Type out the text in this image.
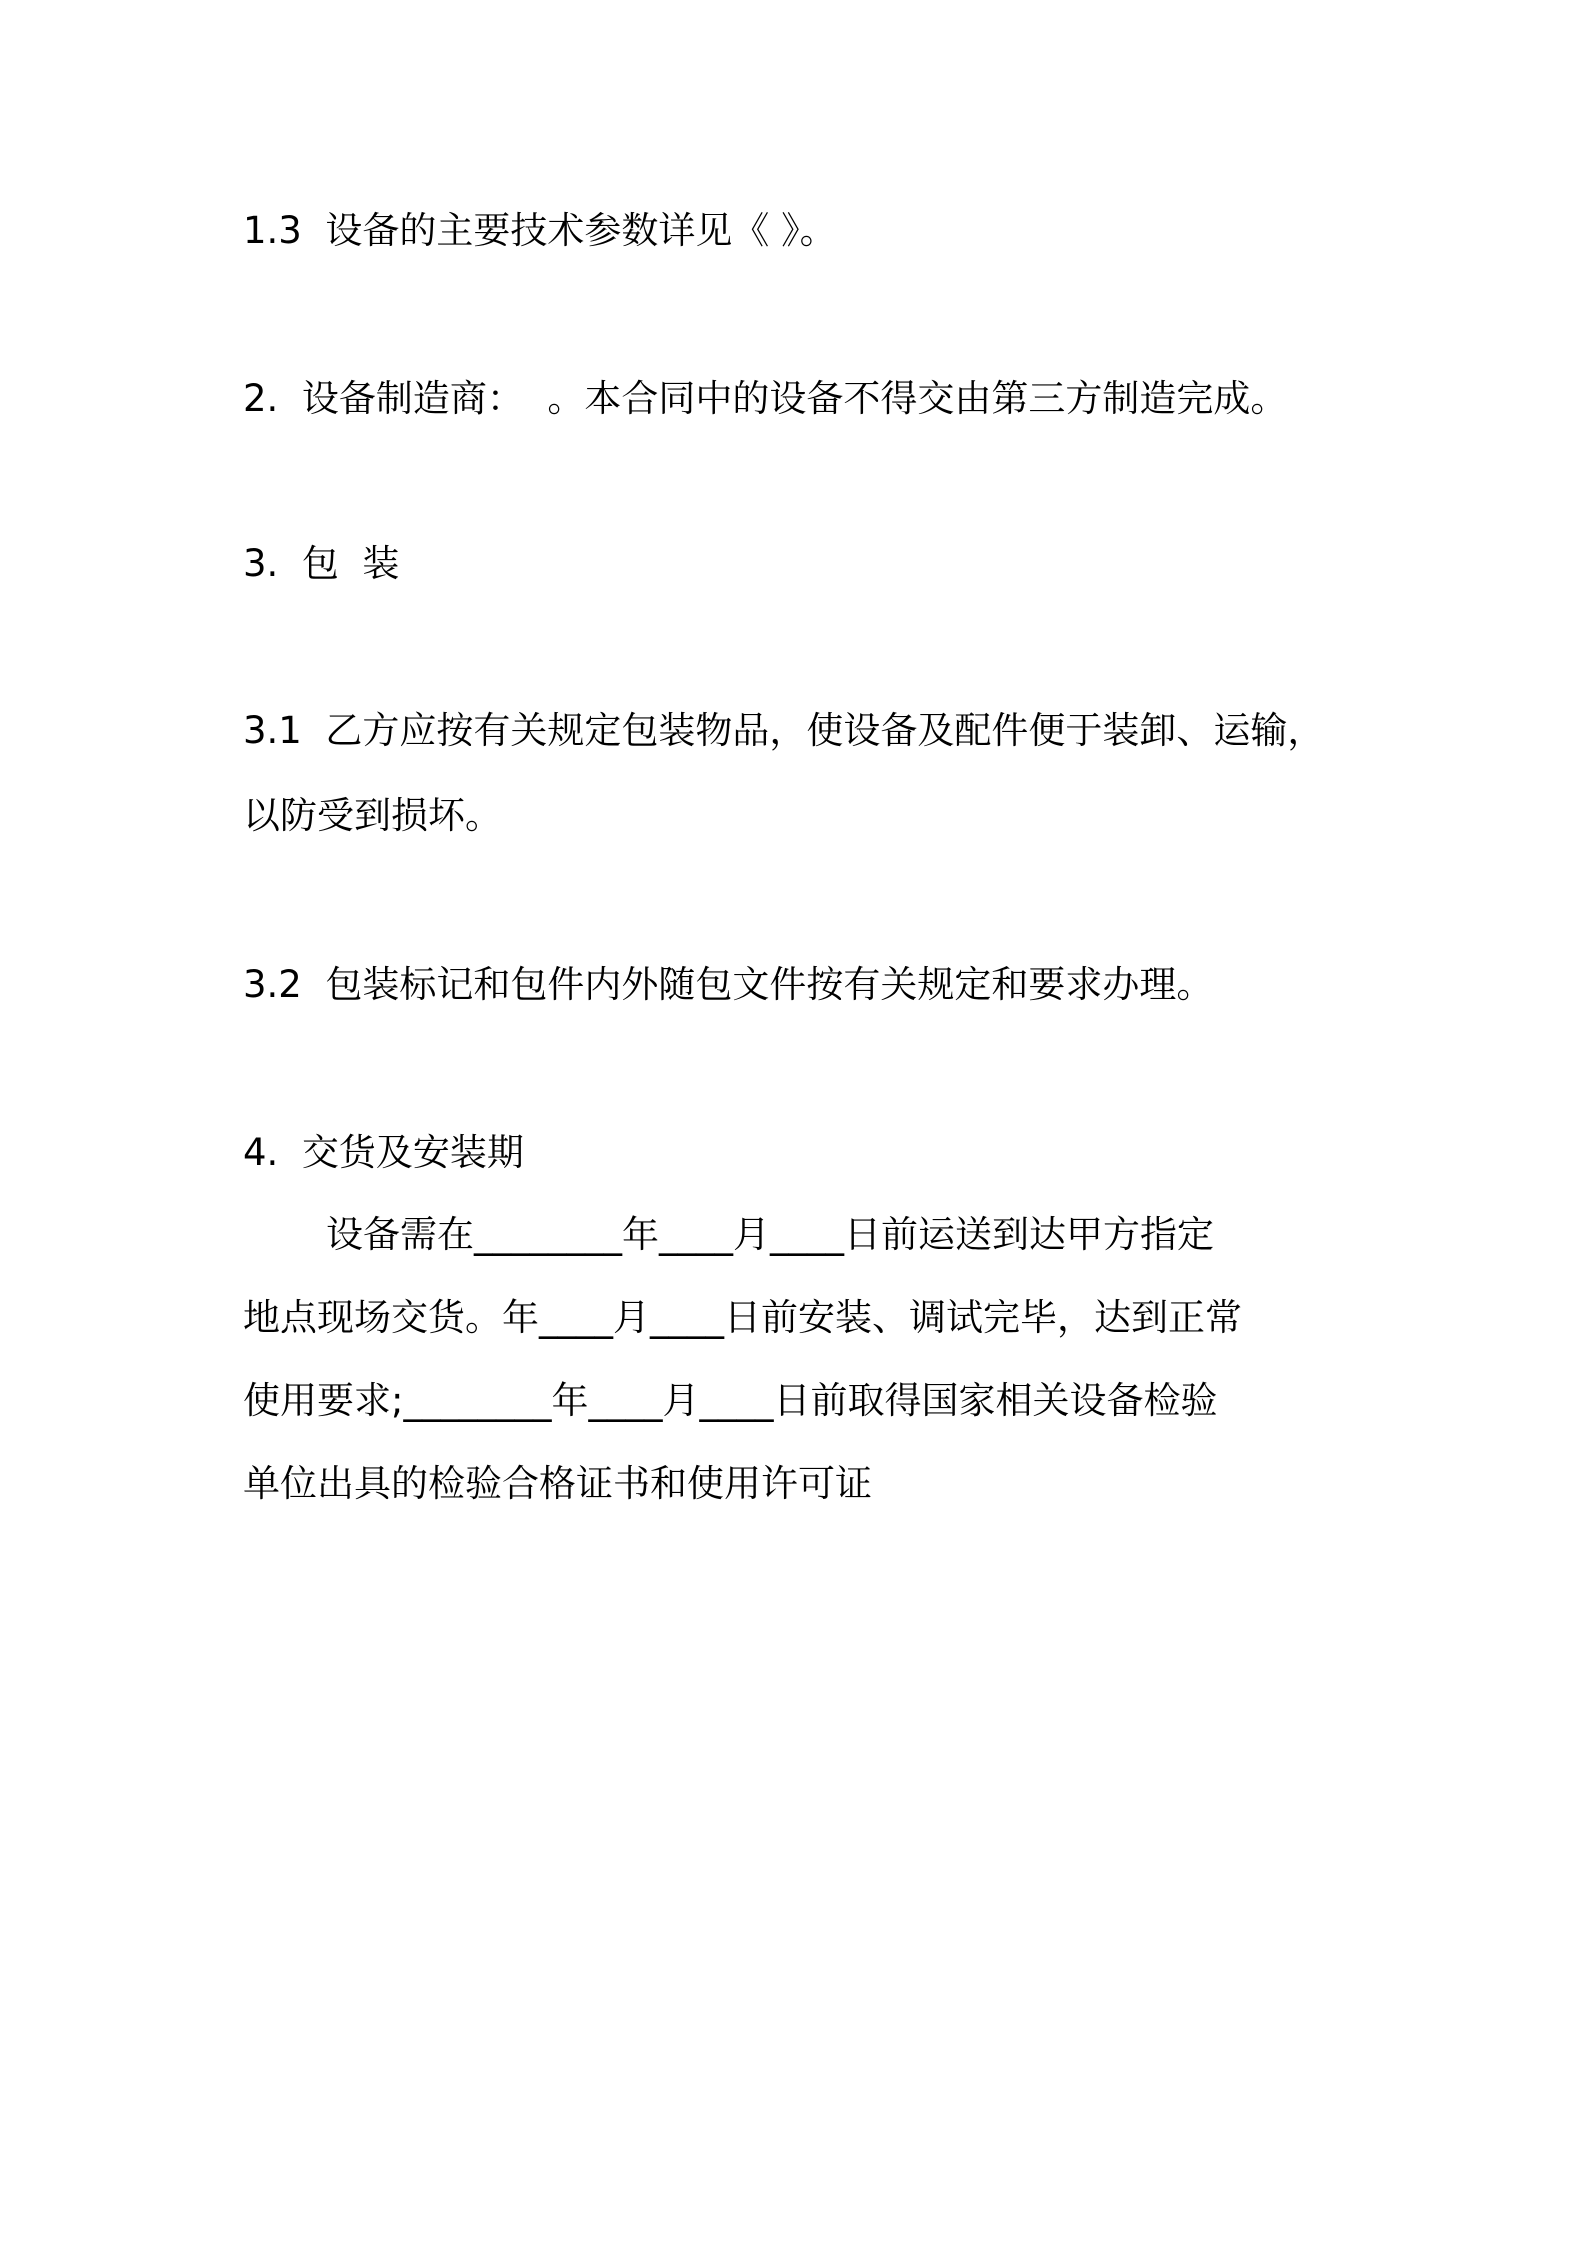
1.3  设备的主要技术参数详见《 》。

2.  设备制造商：  。本合同中的设备不得交由第三方制造完成。

3.  包  装

3.1  乙方应按有关规定包装物品，使设备及配件便于装卸、运输，

以防受到损坏。

3.2  包装标记和包件内外随包文件按有关规定和要求办理。

4.  交货及安装期

设备需在________年____月____日前运送到达甲方指定

地点现场交货。年____月____日前安装、调试完毕，达到正常

使用要求;________年____月____日前取得国家相关设备检验

单位出具的检验合格证书和使用许可证
